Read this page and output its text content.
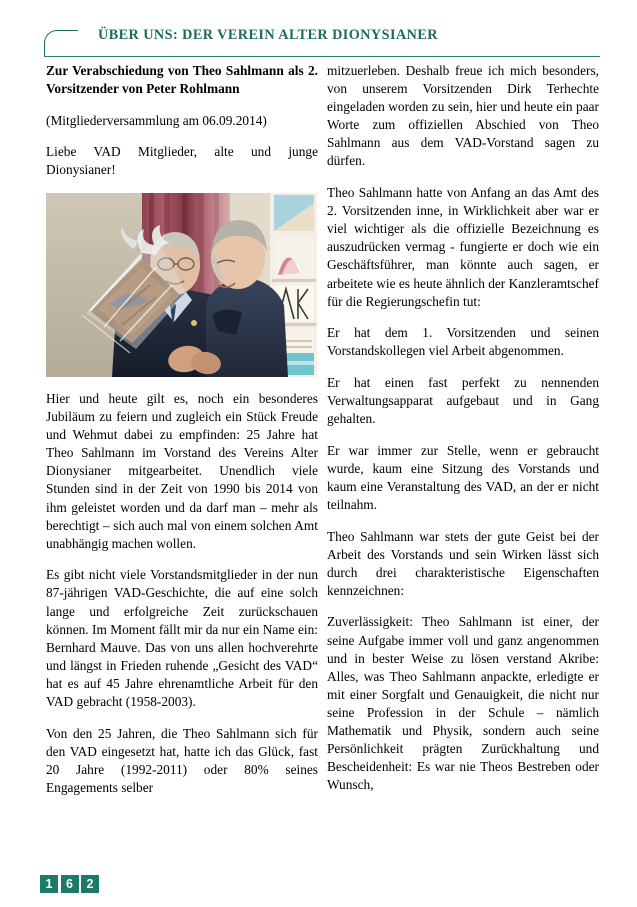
ÜBER UNS: DER VEREIN ALTER DIONYSIANER

Zur Verabschiedung von Theo Sahlmann als 2. Vorsitzender von Peter Rohlmann

(Mitgliederversammlung am 06.09.2014)

Liebe VAD Mitglieder, alte und junge Dionysianer!

Hier und heute gilt es, noch ein besonderes Jubiläum zu feiern und zugleich ein Stück Freude und Wehmut dabei zu empfinden: 25 Jahre hat Theo Sahlmann im Vorstand des Vereins Alter Dionysianer mitgearbeitet. Unendlich viele Stunden sind in der Zeit von 1990 bis 2014 von ihm geleistet worden und da darf man – mehr als berechtigt – sich auch mal von einem solchen Amt unabhängig machen wollen.

Es gibt nicht viele Vorstandsmitglieder in der nun 87-jährigen VAD-Geschichte, die auf eine solch lange und erfolgreiche Zeit zurückschauen können. Im Moment fällt mir da nur ein Name ein: Bernhard Mauve. Das von uns allen hochverehrte und längst in Frieden ruhende „Gesicht des VAD“ hat es auf 45 Jahre ehrenamtliche Arbeit für den VAD gebracht (1958-2003).

Von den 25 Jahren, die Theo Sahlmann sich für den VAD eingesetzt hat, hatte ich das Glück, fast 20 Jahre (1992-2011) oder 80% seines Engagements selber

mitzuerleben. Deshalb freue ich mich besonders, von unserem Vorsitzenden Dirk Terhechte eingeladen worden zu sein, hier und heute ein paar Worte zum offiziellen Abschied von Theo Sahlmann aus dem VAD-Vorstand sagen zu dürfen.

Theo Sahlmann hatte von Anfang an das Amt des 2. Vorsitzenden inne, in Wirklichkeit aber war er viel wichtiger als die offizielle Bezeichnung es auszudrücken vermag - fungierte er doch wie ein Geschäftsführer, man könnte auch sagen, er arbeitete wie es heute ähnlich der Kanzleramtschef für die Regierungschefin tut:

Er hat dem 1. Vorsitzenden und seinen Vorstandskollegen viel Arbeit abgenommen.

Er hat einen fast perfekt zu nennenden Verwaltungsapparat aufgebaut und in Gang gehalten.

Er war immer zur Stelle, wenn er gebraucht wurde, kaum eine Sitzung des Vorstands und kaum eine Veranstaltung des VAD, an der er nicht teilnahm.

Theo Sahlmann war stets der gute Geist bei der Arbeit des Vorstands und sein Wirken lässt sich durch drei charakteristische Eigenschaften kennzeichnen:

Zuverlässigkeit: Theo Sahlmann ist einer, der seine Aufgabe immer voll und ganz angenommen und in bester Weise zu lösen verstand Akribe: Alles, was Theo Sahlmann anpackte, erledigte er mit einer Sorgfalt und Genauigkeit, die nicht nur seine Profession in der Schule – nämlich Mathematik und Physik, sondern auch seine Persönlichkeit prägten Zurückhaltung und Bescheidenheit: Es war nie Theos Bestreben oder Wunsch,

1	6	2
